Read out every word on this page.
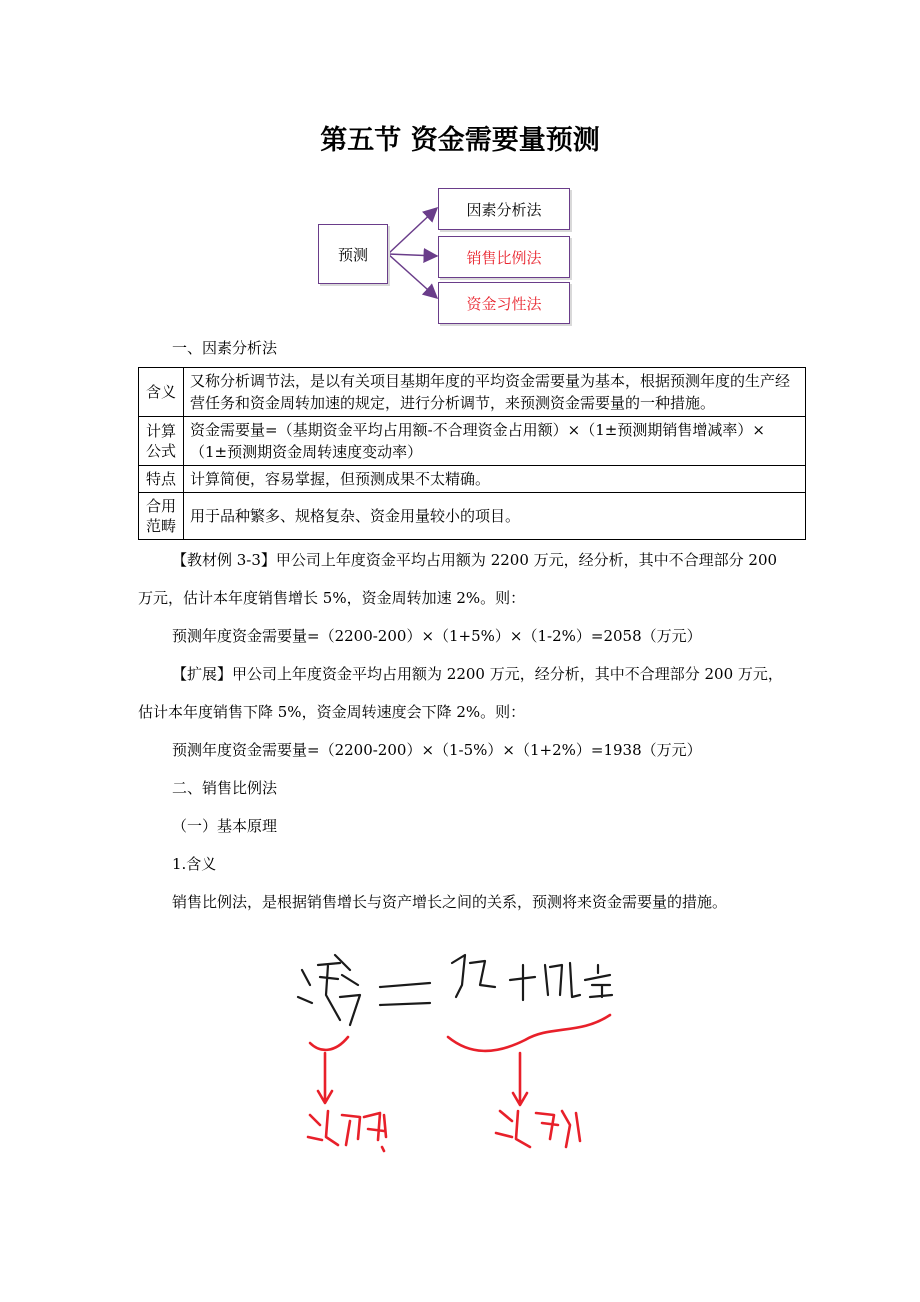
第五节 资金需要量预测
预测
因素分析法
销售比例法
资金习性法
一、因素分析法
含义	又称分析调节法，是以有关项目基期年度的平均资金需要量为基本，根据预测年度的生产经营任务和资金周转加速的规定，进行分析调节，来预测资金需要量的一种措施。
计算公式	资金需要量=（基期资金平均占用额-不合理资金占用额）×（1±预测期销售增减率）×（1±预测期资金周转速度变动率）
特点	计算简便，容易掌握，但预测成果不太精确。
合用范畴	用于品种繁多、规格复杂、资金用量较小的项目。
【教材例 3-3】甲公司上年度资金平均占用额为 2200 万元，经分析，其中不合理部分 200
万元，估计本年度销售增长 5%，资金周转加速 2%。则：
预测年度资金需要量=（2200-200）×（1+5%）×（1-2%）=2058（万元）
【扩展】甲公司上年度资金平均占用额为 2200 万元，经分析，其中不合理部分 200 万元，
估计本年度销售下降 5%，资金周转速度会下降 2%。则：
预测年度资金需要量=（2200-200）×（1-5%）×（1+2%）=1938（万元）
二、销售比例法
（一）基本原理
1.含义
销售比例法，是根据销售增长与资产增长之间的关系，预测将来资金需要量的措施。
